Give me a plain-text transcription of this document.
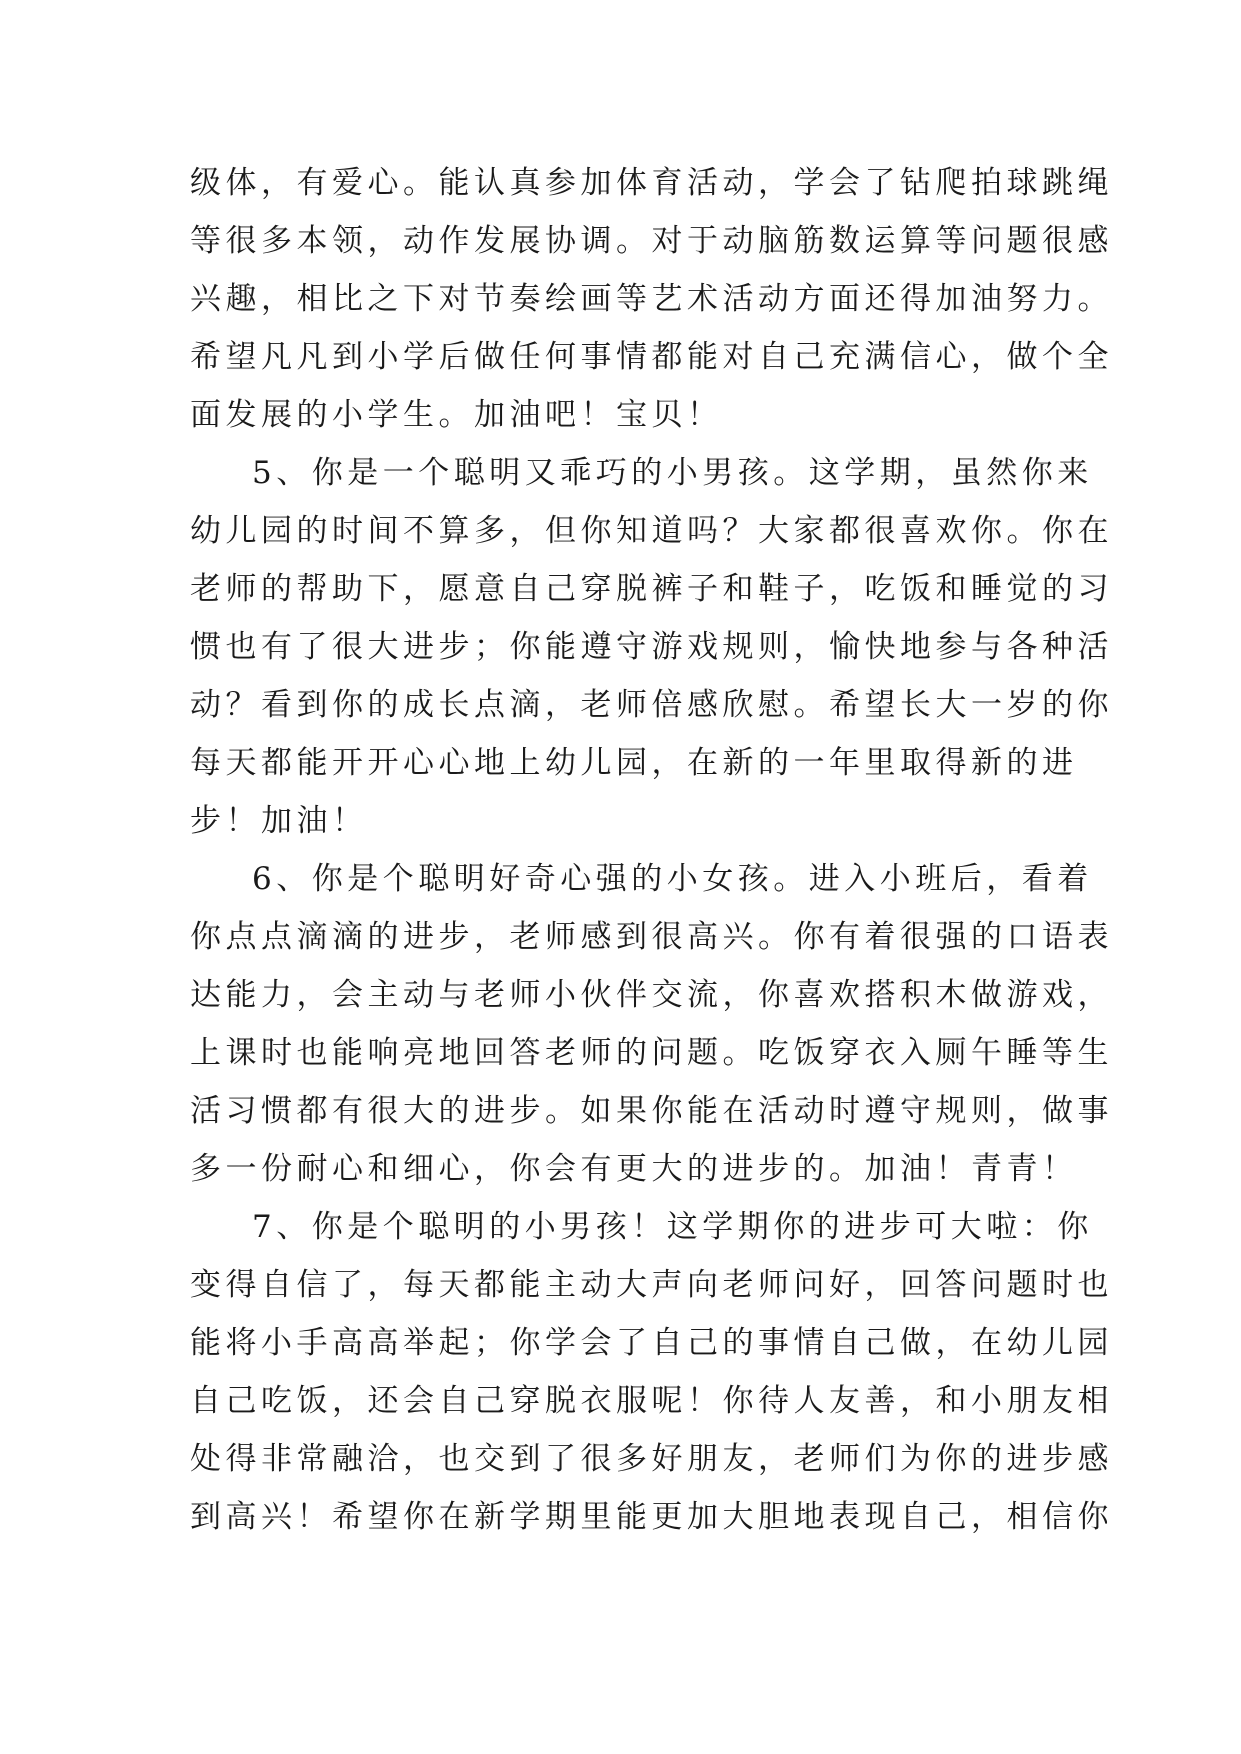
级体，有爱心。能认真参加体育活动，学会了钻爬拍球跳绳
等很多本领，动作发展协调。对于动脑筋数运算等问题很感
兴趣，相比之下对节奏绘画等艺术活动方面还得加油努力。
希望凡凡到小学后做任何事情都能对自己充满信心，做个全
面发展的小学生。加油吧！宝贝！
5、你是一个聪明又乖巧的小男孩。这学期，虽然你来
幼儿园的时间不算多，但你知道吗？大家都很喜欢你。你在
老师的帮助下，愿意自己穿脱裤子和鞋子，吃饭和睡觉的习
惯也有了很大进步；你能遵守游戏规则，愉快地参与各种活
动？看到你的成长点滴，老师倍感欣慰。希望长大一岁的你
每天都能开开心心地上幼儿园，在新的一年里取得新的进
步！加油！
6、你是个聪明好奇心强的小女孩。进入小班后，看着
你点点滴滴的进步，老师感到很高兴。你有着很强的口语表
达能力，会主动与老师小伙伴交流，你喜欢搭积木做游戏，
上课时也能响亮地回答老师的问题。吃饭穿衣入厕午睡等生
活习惯都有很大的进步。如果你能在活动时遵守规则，做事
多一份耐心和细心，你会有更大的进步的。加油！青青！
7、你是个聪明的小男孩！这学期你的进步可大啦：你
变得自信了，每天都能主动大声向老师问好，回答问题时也
能将小手高高举起；你学会了自己的事情自己做，在幼儿园
自己吃饭，还会自己穿脱衣服呢！你待人友善，和小朋友相
处得非常融洽，也交到了很多好朋友，老师们为你的进步感
到高兴！希望你在新学期里能更加大胆地表现自己，相信你
